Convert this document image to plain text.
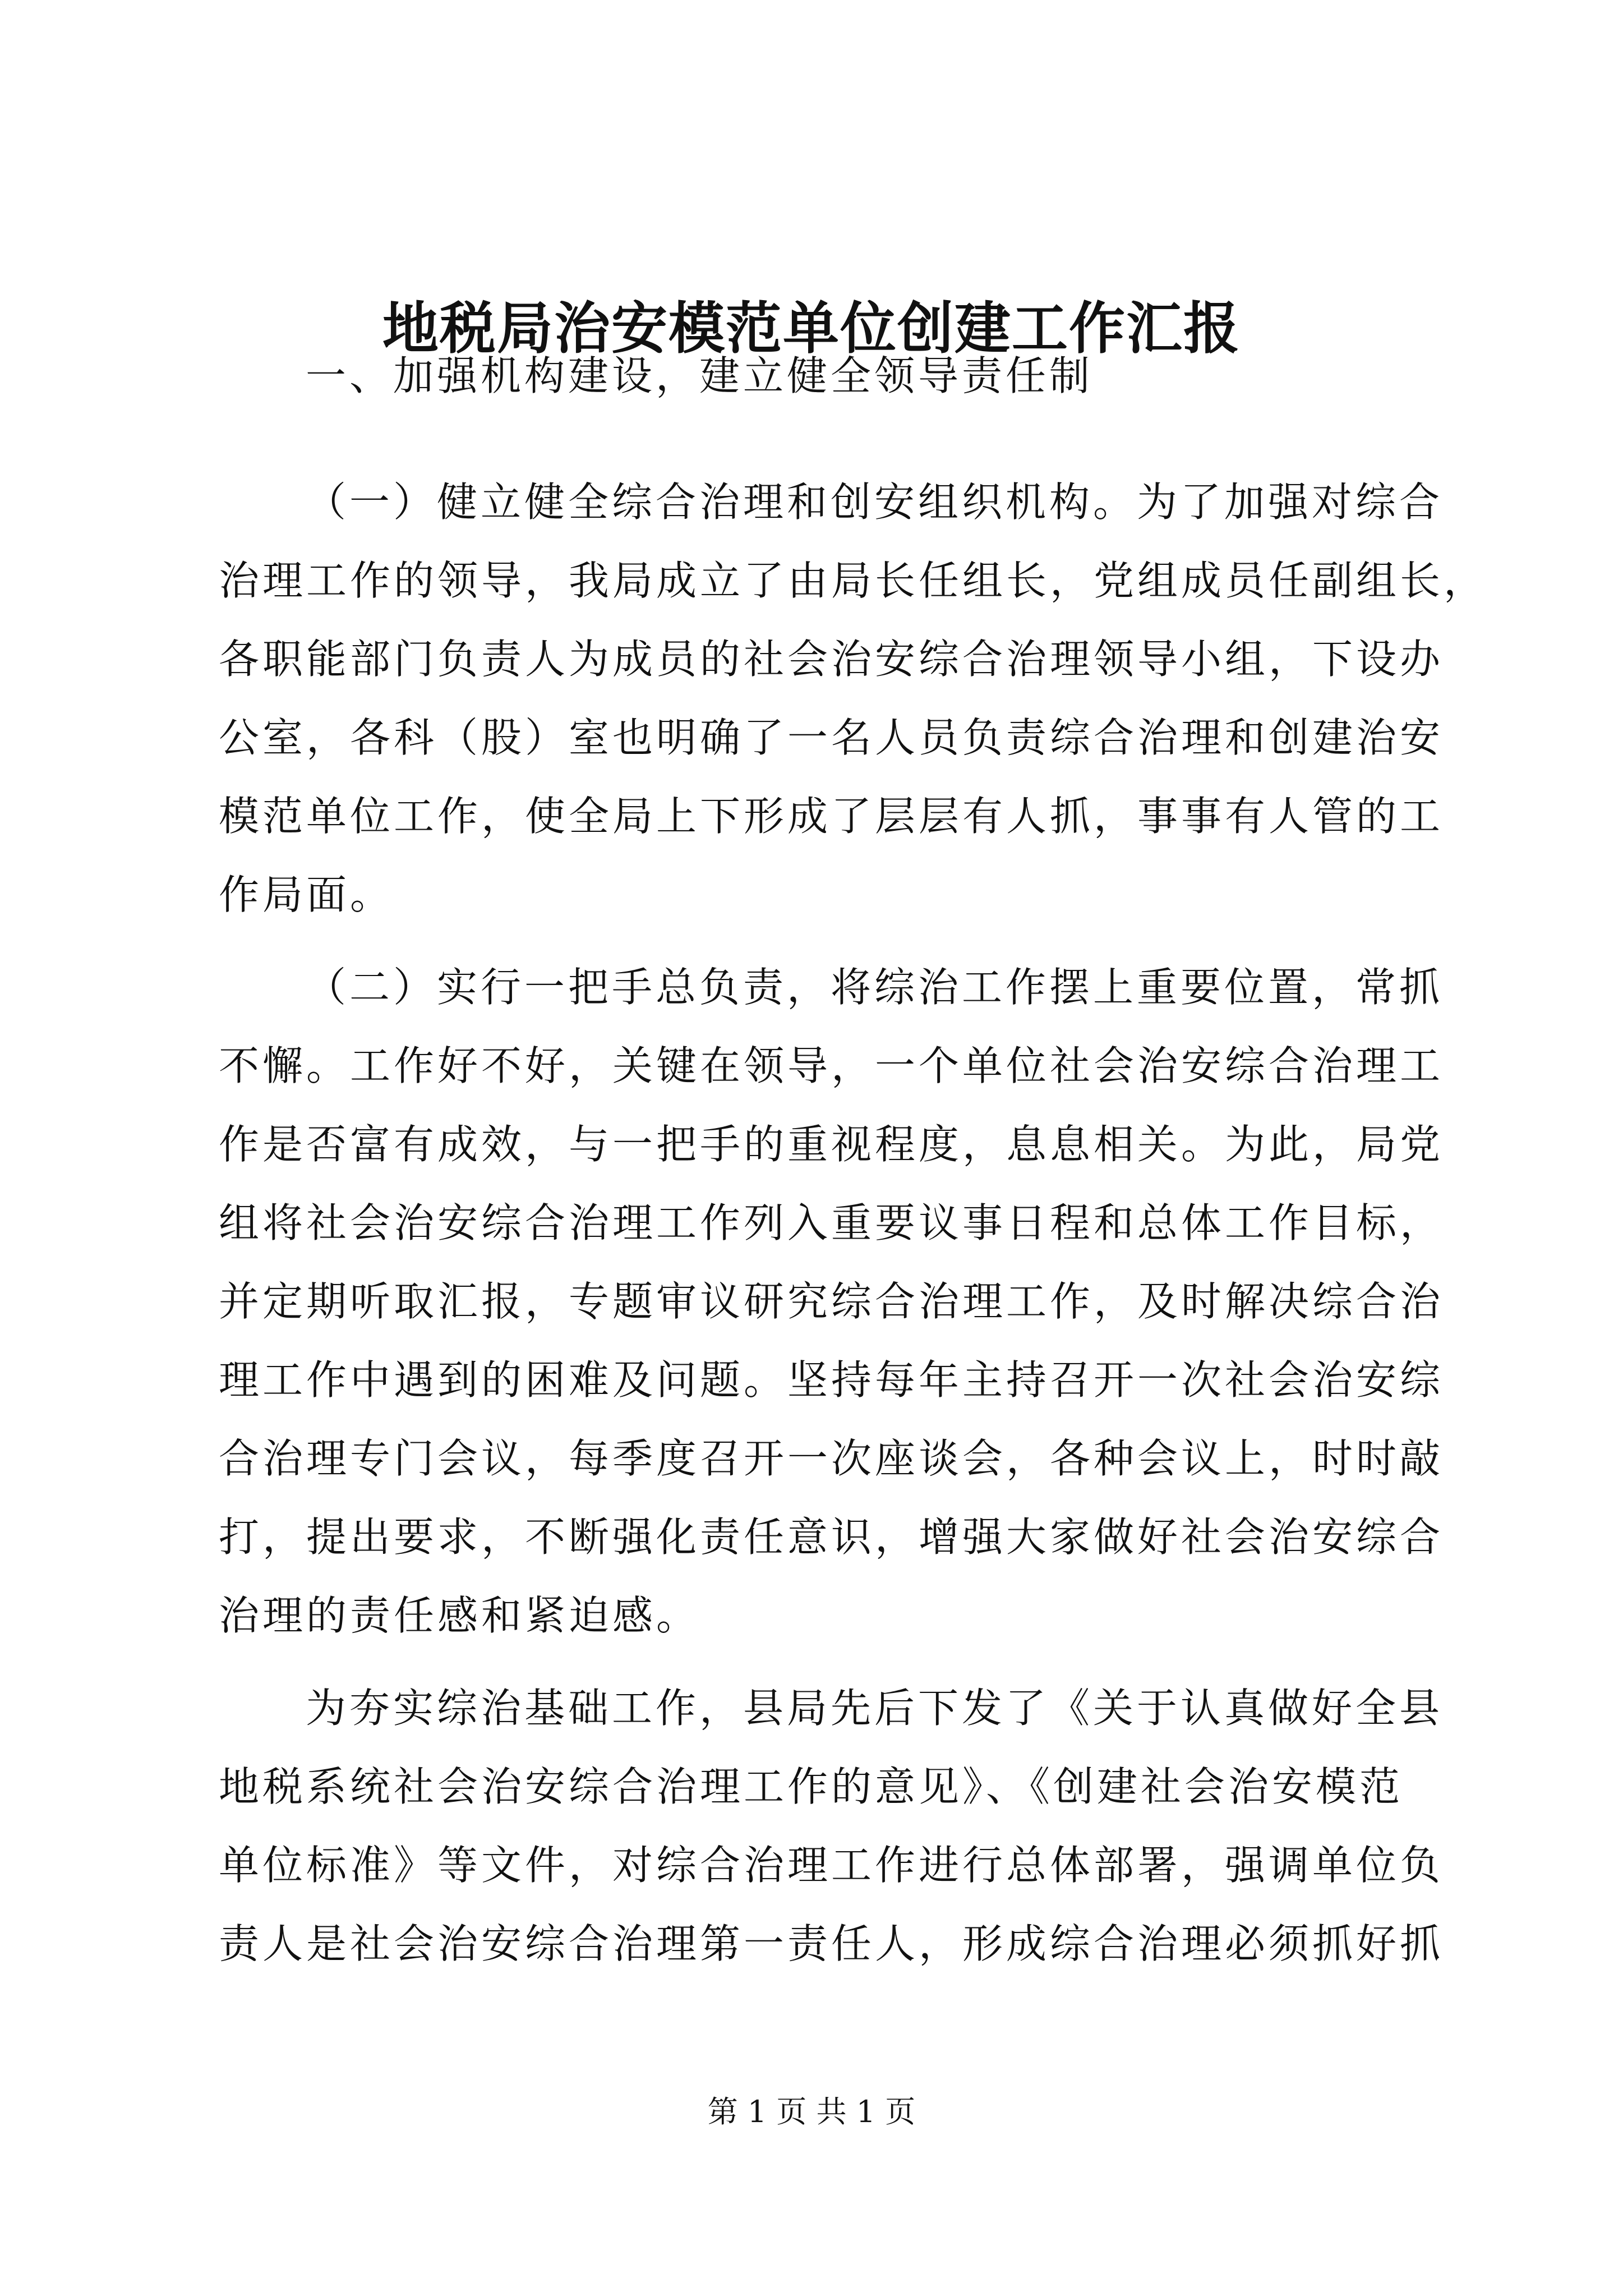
地税局治安模范单位创建工作汇报
一、加强机构建设，建立健全领导责任制
（一）健立健全综合治理和创安组织机构。为了加强对综合
治理工作的领导，我局成立了由局长任组长，党组成员任副组长，
各职能部门负责人为成员的社会治安综合治理领导小组，下设办
公室，各科（股）室也明确了一名人员负责综合治理和创建治安
模范单位工作，使全局上下形成了层层有人抓，事事有人管的工
作局面。
（二）实行一把手总负责，将综治工作摆上重要位置，常抓
不懈。工作好不好，关键在领导，一个单位社会治安综合治理工
作是否富有成效，与一把手的重视程度，息息相关。为此，局党
组将社会治安综合治理工作列入重要议事日程和总体工作目标，
并定期听取汇报，专题审议研究综合治理工作，及时解决综合治
理工作中遇到的困难及问题。坚持每年主持召开一次社会治安综
合治理专门会议，每季度召开一次座谈会，各种会议上，时时敲
打，提出要求，不断强化责任意识，增强大家做好社会治安综合
治理的责任感和紧迫感。
为夯实综治基础工作，县局先后下发了《关于认真做好全县
地税系统社会治安综合治理工作的意见》、《创建社会治安模范
单位标准》等文件，对综合治理工作进行总体部署，强调单位负
责人是社会治安综合治理第一责任人，形成综合治理必须抓好抓
第 1 页 共 1 页
